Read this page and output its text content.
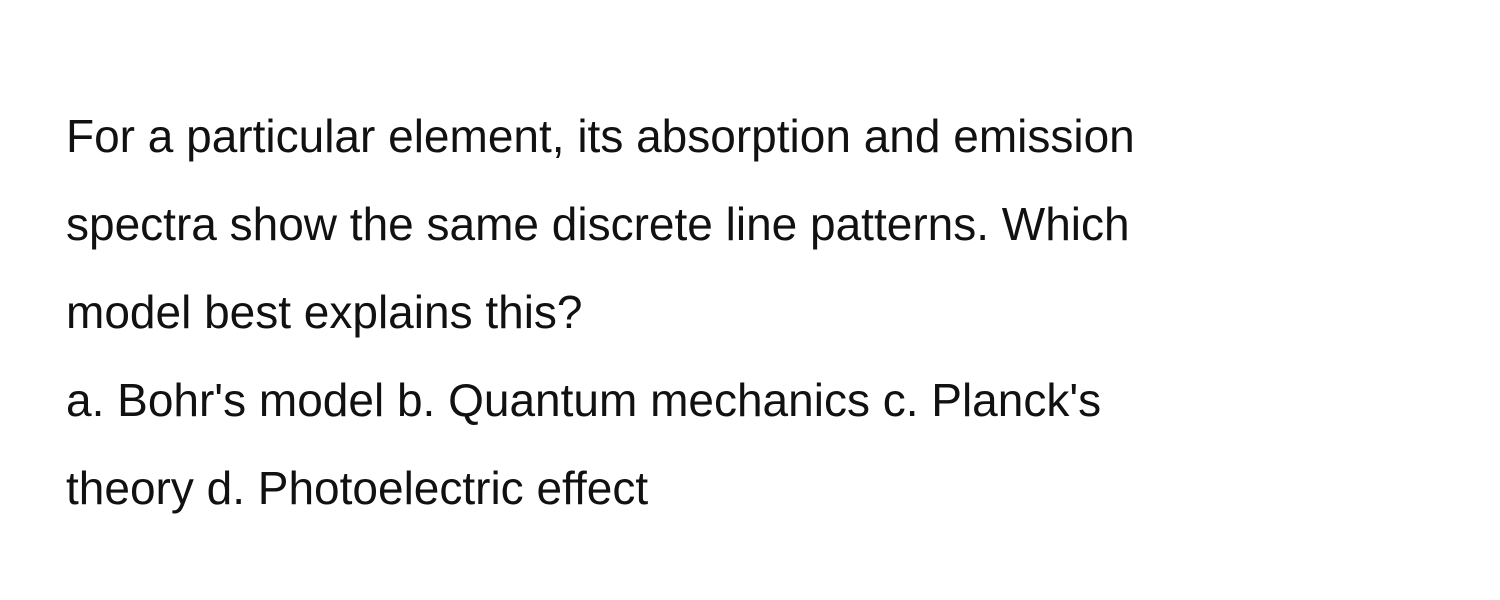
For a particular element, its absorption and emission

spectra show the same discrete line patterns. Which

model best explains this?

a. Bohr's model b. Quantum mechanics c. Planck's

theory d. Photoelectric effect
